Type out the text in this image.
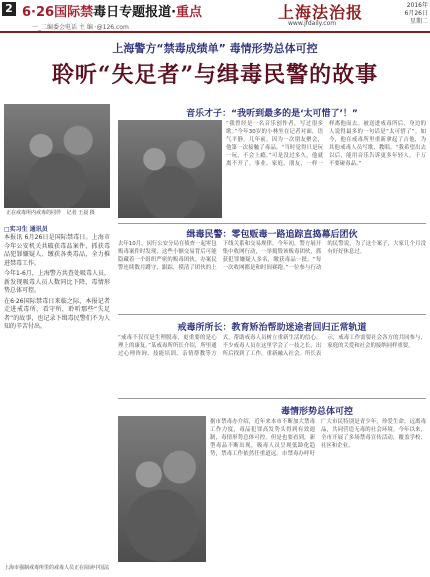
2 6·26国际禁毒日专题报道·重点
一_二编委会电话 主 编 ·@126.com
上海法治报
www.jfdaily.com
2016年
6月26日
星期二
上海警方“禁毒成绩单” 毒情形势总体可控
聆听“失足者”与缉毒民警的故事
正在戒毒所内戒毒的同伴 记者 王晨 摄
□实习生 通讯员

本报讯 6月26日是国际禁毒日。上海市今年公安机关共破获毒品案件、抓获毒品犯罪嫌疑人、缴获各类毒品，全力推进禁毒工作。

今年1-6月，上海警方共查处吸毒人员，新发现吸毒人员人数同比下降，毒情形势总体可控。

在6·26国际禁毒日来临之际，本报记者走进戒毒所、看守所，聆听那些“失足者”的故事，也记录下缉毒民警们不为人知的辛苦付出。

音乐才子：“我听到最多的是‘太可惜了’！”

“我曾经是一名音乐创作者，写过很多歌。”今年30岁的小林坐在记者对面，语气平静。几年前，因为一次朋友聚会，他第一次接触了毒品。“当时觉得只是玩一玩，不会上瘾。”可是没过多久，他就离不开了。事业、家庭、朋友，一样一样离他而去。被送进戒毒所后，身边的人说得最多的一句话是“太可惜了”。如今，他在戒毒所里重新拿起了吉他，为其他戒毒人员写歌、教唱。“我希望出去以后，能用音乐告诉更多年轻人，千万不要碰毒品。”

缉毒民警：零包贩毒一路追踪直捣幕后团伙

去年10月，闵行公安分局在侦查一起零包贩毒案件时发现，这些小额交易背后可能隐藏着一个组织严密的贩毒团伙。办案民警连续数月蹲守、跟踪，摸清了团伙的上下线关系和交易规律。今年初，警方展开集中收网行动，一举捣毁该贩毒团伙，抓获犯罪嫌疑人多名，缴获毒品一批。“每一次收网都是和时间赛跑。”一位参与行动的民警说，为了这个案子，大家几个月没有好好休息过。

戒毒所所长：教育矫治帮助迷途者回归正常轨道

“戒毒不仅仅是生理脱毒，更重要的是心理上的康复。”某戒毒所所长介绍，所里通过心理咨询、技能培训、亲情帮教等方式，帮助戒毒人员树立重新生活的信心。不少戒毒人员在这里学会了一技之长，出所后找到了工作，重新融入社会。所长表示，戒毒工作需要社会各方的共同参与，家庭的关爱和社会的接纳同样重要。

毒情形势总体可控
上海市强制戒毒所里的戒毒人员正在阅读中国法

据市禁毒办介绍，近年来本市不断加大禁毒工作力度，毒品犯罪高发势头得到有效遏制，毒情形势总体可控。但是也要看到，新型毒品不断出现，吸毒人员呈现低龄化趋势，禁毒工作依然任重道远。市禁毒办呼吁广大市民特别是青少年，珍爱生命，远离毒品，共同营造无毒的社会环境。今年以来，全市开展了多场禁毒宣传活动，覆盖学校、社区和企业。
